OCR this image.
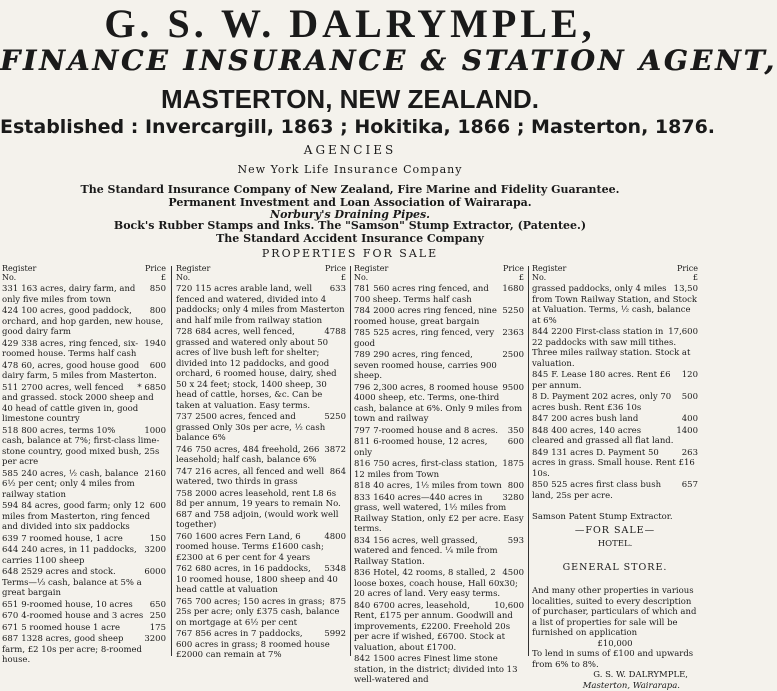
G. S. W. DALRYMPLE,
FINANCE INSURANCE & STATION AGENT,
MASTERTON, NEW ZEALAND.
Established : Invercargill, 1863 ; Hokitika, 1866 ; Masterton, 1876.
AGENCIES
New York Life Insurance Company
The Standard Insurance Company of New Zealand, Fire Marine and Fidelity Guarantee.
Permanent Investment and Loan Association of Wairarapa.
Norbury's Draining Pipes.
Bock's Rubber Stamps and Inks. The "Samson" Stump Extractor, (Patentee.)
The Standard Accident Insurance Company
PROPERTIES FOR SALE
Register
No.
Price
£
850
331 163 acres, dairy farm, and only five miles from town
800
424 100 acres, good paddock, orchard, and hop garden, new house, good dairy farm
1940
429 338 acres, ring fenced, six-roomed house. Terms half cash
600
478 60, acres, good house good dairy farm, 5 miles from Masterton.
* 6850
511 2700 acres, well fenced and grassed. stock 2000 sheep and 40 head of cattle given in, good limestone country
1000
518 800 acres, terms 10% cash, balance at 7%; first-class lime-stone country, good mixed bush, 25s per acre
2160
585 240 acres, ½ cash, balance 6½ per cent; only 4 miles from railway station
600
594 84 acres, good farm; only 12 miles from Masterton, ring fenced and divided into six paddocks
150
639 7 roomed house, 1 acre
3200
644 240 acres, in 11 paddocks, carries 1100 sheep
6000
648 2529 acres and stock. Terms—⅓ cash, balance at 5% a great bargain
650
651 9-roomed house, 10 acres
250
670 4-roomed house and 3 acres
175
671 5 roomed house 1 acre
3200
687 1328 acres, good sheep farm, £2 10s per acre; 8-roomed house.
Register
No.
Price
£
633
720 115 acres arable land, well fenced and watered, divided into 4 paddocks; only 4 miles from Masterton and half mile from railway station
4788
728 684 acres, well fenced, grassed and watered only about 50 acres of live bush left for shelter; divided into 12 paddocks, and good orchard, 6 roomed house, dairy, shed 50 x 24 feet; stock, 1400 sheep, 30 head of cattle, horses, &c. Can be taken at valuation. Easy terms.
5250
737 2500 acres, fenced and grassed Only 30s per acre, ½ cash balance 6%
3872
746 750 acres, 484 freehold, 266 leasehold; half cash, balance 6%
864
747 216 acres, all fenced and well watered, two thirds in grass
758 2000 acres leasehold, rent L8 6s 8d per annum, 19 years to remain No. 687 and 758 adjoin, (would work well together)
4800
760 1600 acres Fern Land, 6 roomed house. Terms £1600 cash; £2300 at 6 per cent for 4 years
5348
762 680 acres, in 16 paddocks, 10 roomed house, 1800 sheep and 40 head cattle at valuation
875
765 700 acres; 150 acres in grass; 25s per acre; only £375 cash, balance on mortgage at 6½ per cent
5992
767 856 acres in 7 paddocks, 600 acres in grass; 8 roomed house £2000 can remain at 7%
Register
No.
Price
£
1680
781 560 acres ring fenced, and 700 sheep. Terms half cash
5250
784 2000 acres ring fenced, nine roomed house, great bargain
2363
785 525 acres, ring fenced, very good
2500
789 290 acres, ring fenced, seven roomed house, carries 900 sheep.
9500
796 2,300 acres, 8 roomed house 4000 sheep, etc. Terms, one-third cash, balance at 6%. Only 9 miles from town and railway
350
797 7-roomed house and 8 acres.
600
811 6-roomed house, 12 acres, only
1875
816 750 acres, first-class station, 12 miles from Town
800
818 40 acres, 1½ miles from town
3280
833 1640 acres—440 acres in grass, well watered, 1½ miles from Railway Station, only £2 per acre. Easy terms.
593
834 156 acres, well grassed, watered and fenced. ¼ mile from Railway Station.
4500
836 Hotel, 42 rooms, 8 stalled, 2 loose boxes, coach house, Hall 60x30; 20 acres of land. Very easy terms.
10,600
840 6700 acres, leasehold, Rent, £175 per annum. Goodwill and improvements, £2200. Freehold 20s per acre if wished, £6700. Stock at valuation, about £1700.
842 1500 acres Finest lime stone station, in the district; divided into 13 well-watered and
Register
No.
Price
£
13,50
grassed paddocks, only 4 miles from Town Railway Station, and Stock at Valuation. Terms, ½ cash, balance at 6%
17,600
844 2200 First-class station in 22 paddocks with saw mill tithes. Three miles railway station. Stock at valuation.
120
845 F. Lease 180 acres. Rent £6 per annum.
500
8 D. Payment 202 acres, only 70 acres bush. Rent £36 10s
400
847 200 acres bush land
1400
848 400 acres, 140 acres cleared and grassed all flat land.
263
849 131 acres D. Payment 50 acres in grass. Small house. Rent £16 10s.
657
850 525 acres first class bush land, 25s per acre.
Samson Patent Stump Extractor.
—FOR SALE—
HOTEL.
GENERAL STORE.
And many other properties in various localities, suited to every description of purchaser, particulars of which and a list of properties for sale will be furnished on application
£10,000
To lend in sums of £100 and upwards from 6% to 8%.
G. S. W. DALRYMPLE,
Masterton, Wairarapa.
